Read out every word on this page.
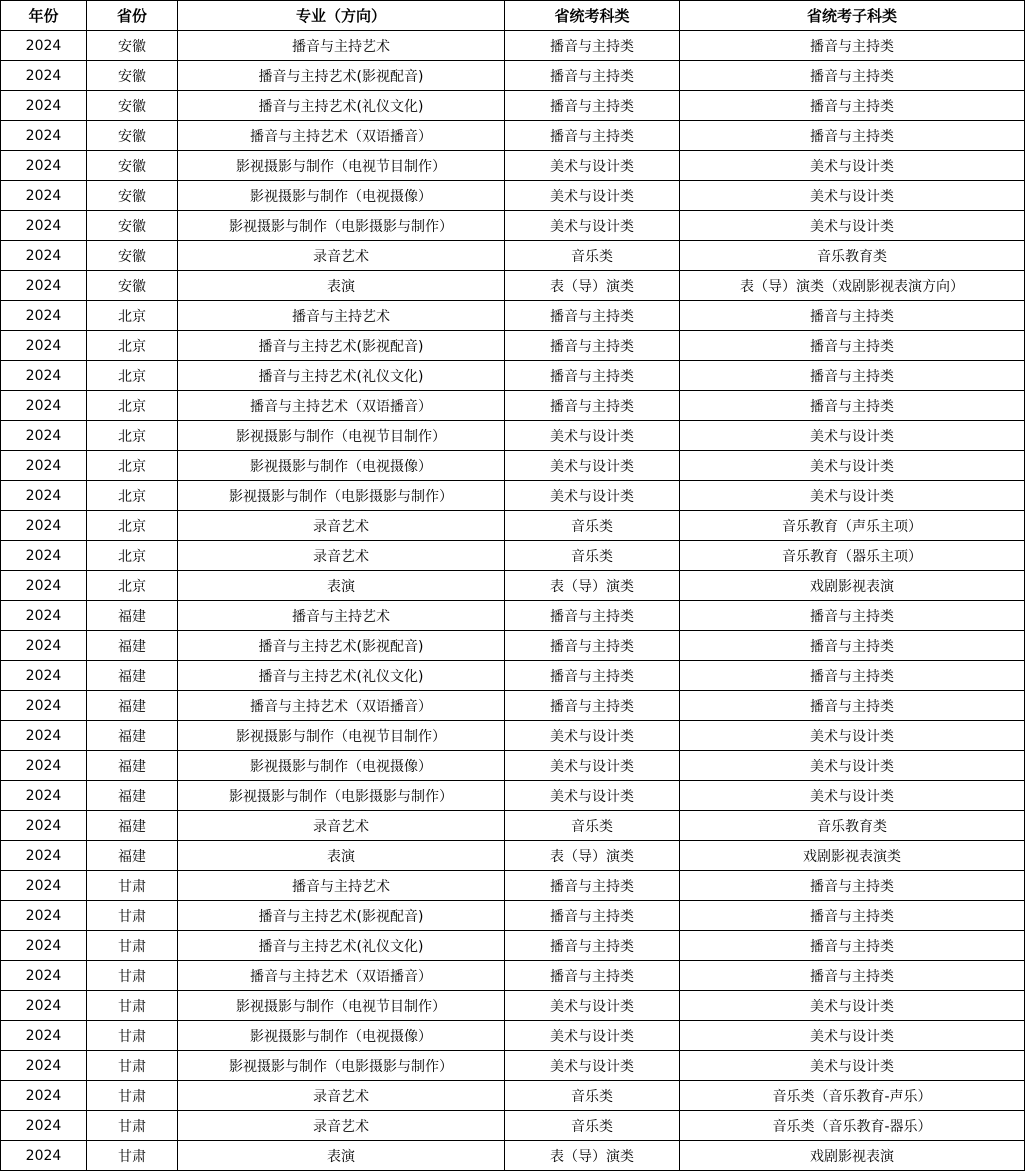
年份	省份	专业（方向）	省统考科类	省统考子科类
2024	安徽	播音与主持艺术	播音与主持类	播音与主持类
2024	安徽	播音与主持艺术(影视配音)	播音与主持类	播音与主持类
2024	安徽	播音与主持艺术(礼仪文化)	播音与主持类	播音与主持类
2024	安徽	播音与主持艺术（双语播音）	播音与主持类	播音与主持类
2024	安徽	影视摄影与制作（电视节目制作）	美术与设计类	美术与设计类
2024	安徽	影视摄影与制作（电视摄像）	美术与设计类	美术与设计类
2024	安徽	影视摄影与制作（电影摄影与制作）	美术与设计类	美术与设计类
2024	安徽	录音艺术	音乐类	音乐教育类
2024	安徽	表演	表（导）演类	表（导）演类（戏剧影视表演方向）
2024	北京	播音与主持艺术	播音与主持类	播音与主持类
2024	北京	播音与主持艺术(影视配音)	播音与主持类	播音与主持类
2024	北京	播音与主持艺术(礼仪文化)	播音与主持类	播音与主持类
2024	北京	播音与主持艺术（双语播音）	播音与主持类	播音与主持类
2024	北京	影视摄影与制作（电视节目制作）	美术与设计类	美术与设计类
2024	北京	影视摄影与制作（电视摄像）	美术与设计类	美术与设计类
2024	北京	影视摄影与制作（电影摄影与制作）	美术与设计类	美术与设计类
2024	北京	录音艺术	音乐类	音乐教育（声乐主项）
2024	北京	录音艺术	音乐类	音乐教育（器乐主项）
2024	北京	表演	表（导）演类	戏剧影视表演
2024	福建	播音与主持艺术	播音与主持类	播音与主持类
2024	福建	播音与主持艺术(影视配音)	播音与主持类	播音与主持类
2024	福建	播音与主持艺术(礼仪文化)	播音与主持类	播音与主持类
2024	福建	播音与主持艺术（双语播音）	播音与主持类	播音与主持类
2024	福建	影视摄影与制作（电视节目制作）	美术与设计类	美术与设计类
2024	福建	影视摄影与制作（电视摄像）	美术与设计类	美术与设计类
2024	福建	影视摄影与制作（电影摄影与制作）	美术与设计类	美术与设计类
2024	福建	录音艺术	音乐类	音乐教育类
2024	福建	表演	表（导）演类	戏剧影视表演类
2024	甘肃	播音与主持艺术	播音与主持类	播音与主持类
2024	甘肃	播音与主持艺术(影视配音)	播音与主持类	播音与主持类
2024	甘肃	播音与主持艺术(礼仪文化)	播音与主持类	播音与主持类
2024	甘肃	播音与主持艺术（双语播音）	播音与主持类	播音与主持类
2024	甘肃	影视摄影与制作（电视节目制作）	美术与设计类	美术与设计类
2024	甘肃	影视摄影与制作（电视摄像）	美术与设计类	美术与设计类
2024	甘肃	影视摄影与制作（电影摄影与制作）	美术与设计类	美术与设计类
2024	甘肃	录音艺术	音乐类	音乐类（音乐教育-声乐）
2024	甘肃	录音艺术	音乐类	音乐类（音乐教育-器乐）
2024	甘肃	表演	表（导）演类	戏剧影视表演
